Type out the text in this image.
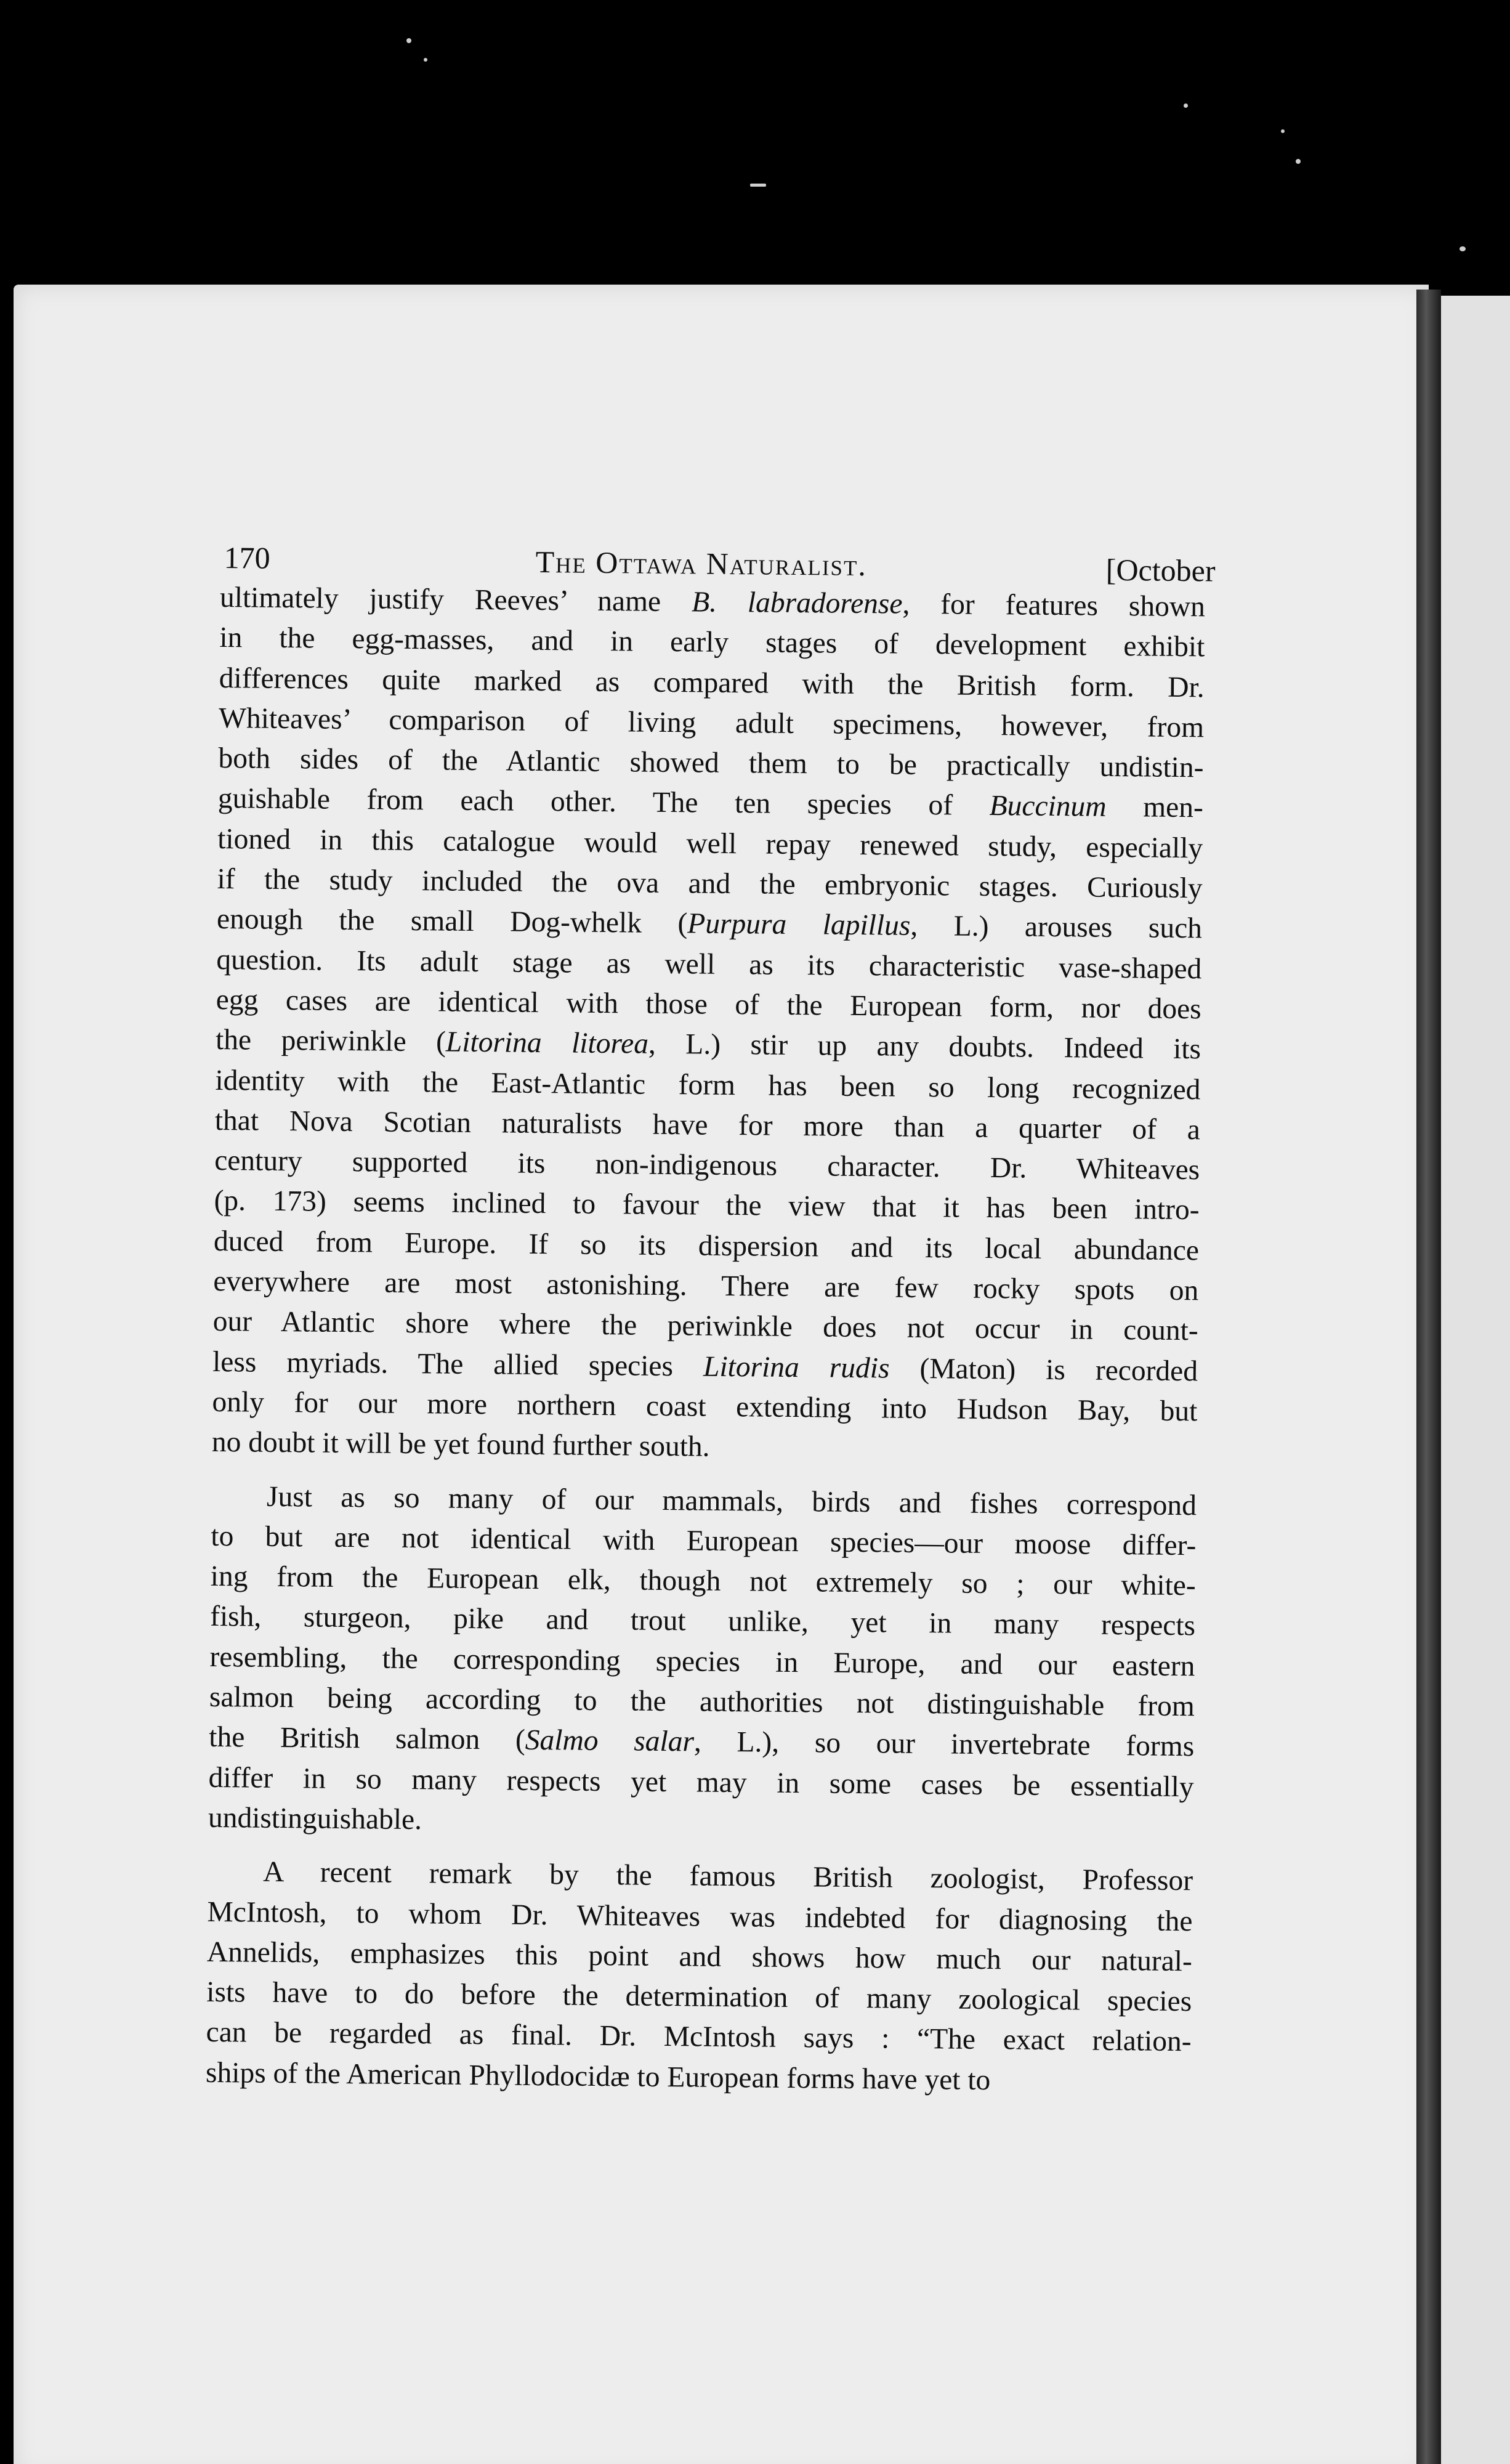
170	The Ottawa Naturalist.	[October

ultimately justify Reeves’ name B. labradorense, for features shown
in the egg-masses, and in early stages of development exhibit
differences quite marked as compared with the British form. Dr.
Whiteaves’ comparison of living adult specimens, however, from
both sides of the Atlantic showed them to be practically undistin-
guishable from each other. The ten species of Buccinum men-
tioned in this catalogue would well repay renewed study, especially
if the study included the ova and the embryonic stages. Curiously
enough the small Dog-whelk (Purpura lapillus, L.) arouses such
question. Its adult stage as well as its characteristic vase-shaped
egg cases are identical with those of the European form, nor does
the periwinkle (Litorina litorea, L.) stir up any doubts. Indeed its
identity with the East-Atlantic form has been so long recognized
that Nova Scotian naturalists have for more than a quarter of a
century supported its non-indigenous character. Dr. Whiteaves
(p. 173) seems inclined to favour the view that it has been intro-
duced from Europe. If so its dispersion and its local abundance
everywhere are most astonishing. There are few rocky spots on
our Atlantic shore where the periwinkle does not occur in count-
less myriads. The allied species Litorina rudis (Maton) is recorded
only for our more northern coast extending into Hudson Bay, but
no doubt it will be yet found further south.

Just as so many of our mammals, birds and fishes correspond
to but are not identical with European species—our moose differ-
ing from the European elk, though not extremely so ; our white-
fish, sturgeon, pike and trout unlike, yet in many respects
resembling, the corresponding species in Europe, and our eastern
salmon being according to the authorities not distinguishable from
the British salmon (Salmo salar, L.), so our invertebrate forms
differ in so many respects yet may in some cases be essentially
undistinguishable.

A recent remark by the famous British zoologist, Professor
McIntosh, to whom Dr. Whiteaves was indebted for diagnosing the
Annelids, emphasizes this point and shows how much our natural-
ists have to do before the determination of many zoological species
can be regarded as final. Dr. McIntosh says : “The exact relation-
ships of the American Phyllodocidæ to European forms have yet to
